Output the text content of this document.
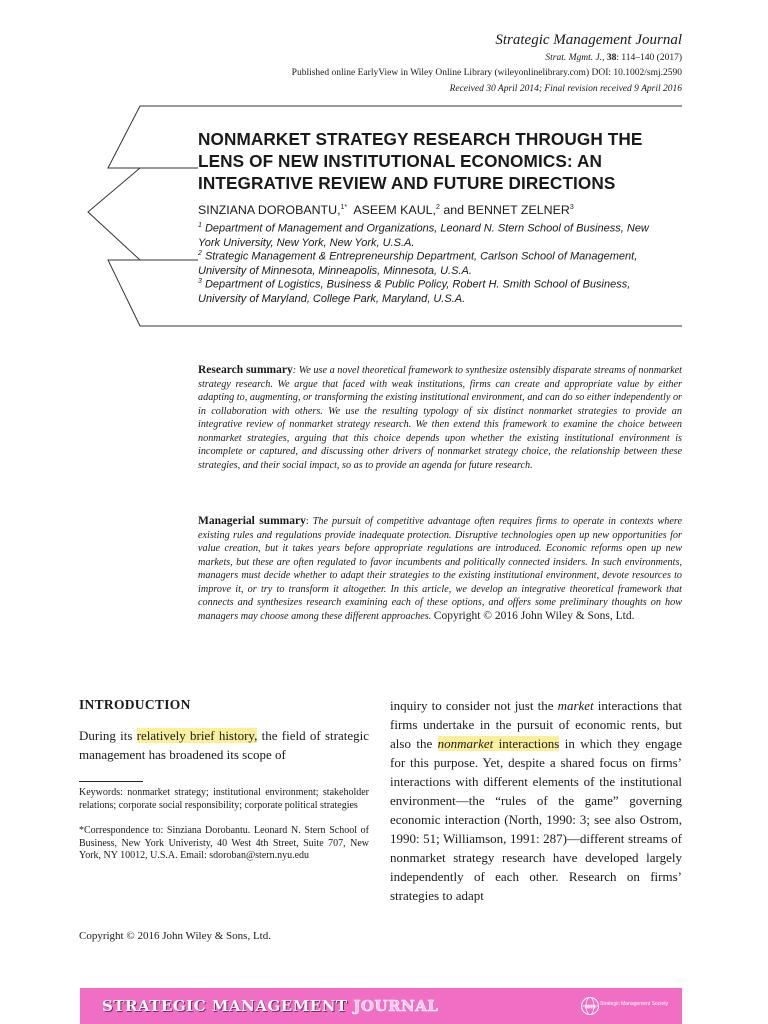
Strategic Management Journal
Strat. Mgmt. J., 38: 114–140 (2017)
Published online EarlyView in Wiley Online Library (wileyonlinelibrary.com) DOI: 10.1002/smj.2590
Received 30 April 2014; Final revision received 9 April 2016
NONMARKET STRATEGY RESEARCH THROUGH THE
LENS OF NEW INSTITUTIONAL ECONOMICS: AN
INTEGRATIVE REVIEW AND FUTURE DIRECTIONS
SINZIANA DOROBANTU,$^{1*}$ ASEEM KAUL,$^2$ and BENNET ZELNER$^3$
$^1$ Department of Management and Organizations, Leonard N. Stern School of Business, New York University, New York, New York, U.S.A.
$^2$ Strategic Management & Entrepreneurship Department, Carlson School of Management, University of Minnesota, Minneapolis, Minnesota, U.S.A.
$^3$ Department of Logistics, Business & Public Policy, Robert H. Smith School of Business, University of Maryland, College Park, Maryland, U.S.A.
Research summary: We use a novel theoretical framework to synthesize ostensibly disparate streams of nonmarket strategy research. We argue that faced with weak institutions, firms can create and appropriate value by either adapting to, augmenting, or transforming the existing institutional environment, and can do so either independently or in collaboration with others. We use the resulting typology of six distinct nonmarket strategies to provide an integrative review of nonmarket strategy research. We then extend this framework to examine the choice between nonmarket strategies, arguing that this choice depends upon whether the existing institutional environment is incomplete or captured, and discussing other drivers of nonmarket strategy choice, the relationship between these strategies, and their social impact, so as to provide an agenda for future research.
Managerial summary: The pursuit of competitive advantage often requires firms to operate in contexts where existing rules and regulations provide inadequate protection. Disruptive technologies open up new opportunities for value creation, but it takes years before appropriate regulations are introduced. Economic reforms open up new markets, but these are often regulated to favor incumbents and politically connected insiders. In such environments, managers must decide whether to adapt their strategies to the existing institutional environment, devote resources to improve it, or try to transform it altogether. In this article, we develop an integrative theoretical framework that connects and synthesizes research examining each of these options, and offers some preliminary thoughts on how managers may choose among these different approaches. Copyright © 2016 John Wiley & Sons, Ltd.
INTRODUCTION
During its relatively brief history, the field of strategic management has broadened its scope of
inquiry to consider not just the market interactions that firms undertake in the pursuit of economic rents, but also the nonmarket interactions in which they engage for this purpose. Yet, despite a shared focus on firms’ interactions with different elements of the institutional environment—the “rules of the game” governing economic interaction (North, 1990: 3; see also Ostrom, 1990: 51; Williamson, 1991: 287)—different streams of nonmarket strategy research have developed largely independently of each other. Research on firms’ strategies to adapt
Keywords: nonmarket strategy; institutional environment; stakeholder relations; corporate social responsibility; corporate political strategies
*Correspondence to: Sinziana Dorobantu. Leonard N. Stern School of Business, New York Univeristy, 40 West 4th Street, Suite 707, New York, NY 10012, U.S.A. Email: sdoroban@stern.nyu.edu
Copyright © 2016 John Wiley & Sons, Ltd.
STRATEGIC MANAGEMENT JOURNAL	SMS
Strategic Management Society
